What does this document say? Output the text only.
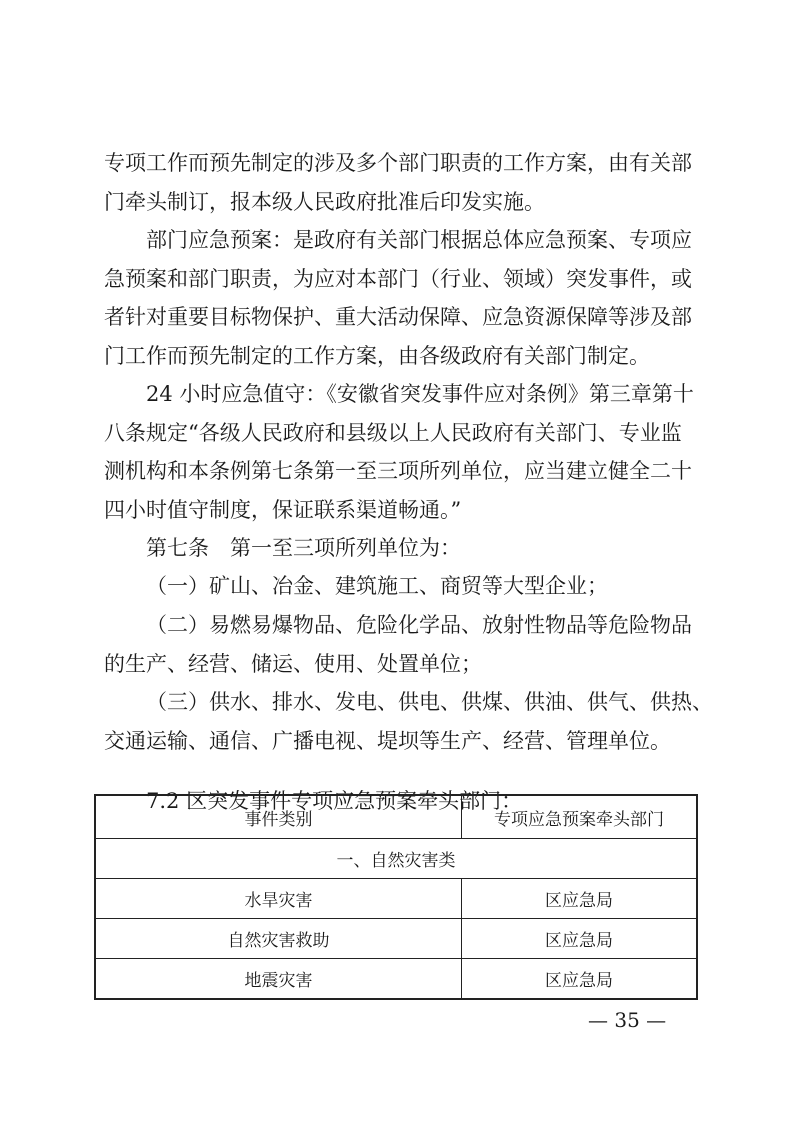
专项工作而预先制定的涉及多个部门职责的工作方案，由有关部
门牵头制订，报本级人民政府批准后印发实施。
部门应急预案：是政府有关部门根据总体应急预案、专项应
急预案和部门职责，为应对本部门（行业、领域）突发事件，或
者针对重要目标物保护、重大活动保障、应急资源保障等涉及部
门工作而预先制定的工作方案，由各级政府有关部门制定。
24 小时应急值守：《安徽省突发事件应对条例》第三章第十
八条规定“各级人民政府和县级以上人民政府有关部门、专业监
测机构和本条例第七条第一至三项所列单位，应当建立健全二十
四小时值守制度，保证联系渠道畅通。”
第七条　第一至三项所列单位为：
（一）矿山、冶金、建筑施工、商贸等大型企业；
（二）易燃易爆物品、危险化学品、放射性物品等危险物品
的生产、经营、储运、使用、处置单位；
（三）供水、排水、发电、供电、供煤、供油、供气、供热、
交通运输、通信、广播电视、堤坝等生产、经营、管理单位。
7.2 区突发事件专项应急预案牵头部门：
事件类别	专项应急预案牵头部门
一、自然灾害类	
水旱灾害	区应急局
自然灾害救助	区应急局
地震灾害	区应急局
— 35 —
